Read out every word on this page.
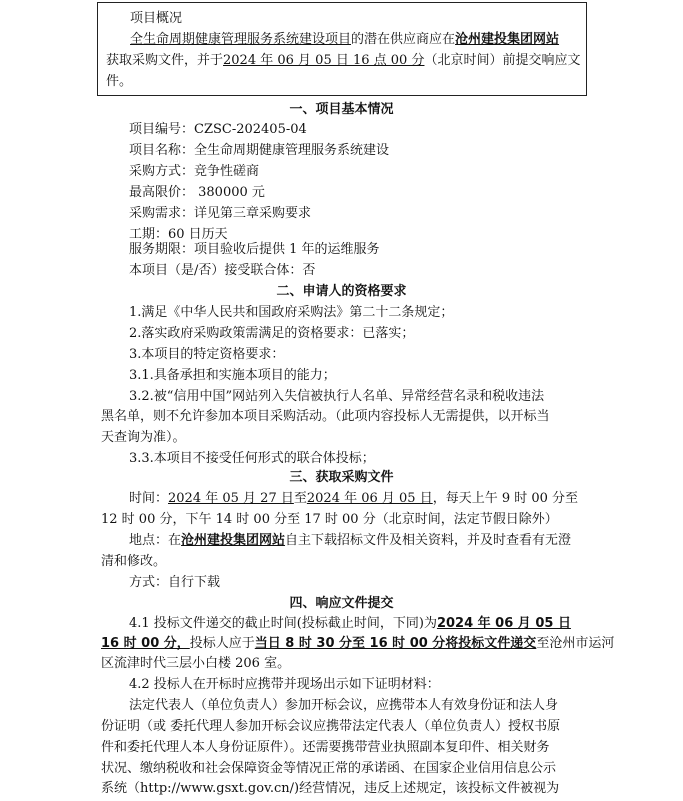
项目概况
全生命周期健康管理服务系统建设项目的潜在供应商应在沧州建投集团网站
获取采购文件，并于2024 年 06 月 05 日 16 点 00 分（北京时间）前提交响应文
件。
一、项目基本情况
项目编号：CZSC-202405-04
项目名称：全生命周期健康管理服务系统建设
采购方式：竞争性磋商
最高限价： 380000 元
采购需求：详见第三章采购要求
工期：60 日历天
服务期限：项目验收后提供 1 年的运维服务
本项目（是/否）接受联合体：否
二、申请人的资格要求
1.满足《中华人民共和国政府采购法》第二十二条规定；
2.落实政府采购政策需满足的资格要求：已落实；
3.本项目的特定资格要求：
3.1.具备承担和实施本项目的能力；
3.2.被“信用中国”网站列入失信被执行人名单、异常经营名录和税收违法
黑名单，则不允许参加本项目采购活动。（此项内容投标人无需提供，以开标当
天查询为准）。
3.3.本项目不接受任何形式的联合体投标；
三、获取采购文件
时间：2024 年 05 月 27 日至2024 年 06 月 05 日，每天上午 9 时 00 分至
12 时 00 分，下午 14 时 00 分至 17 时 00 分（北京时间，法定节假日除外）
地点：在沧州建投集团网站自主下载招标文件及相关资料，并及时查看有无澄
清和修改。
方式：自行下载
四、响应文件提交
4.1 投标文件递交的截止时间(投标截止时间，下同)为2024 年 06 月 05 日
16 时 00 分，投标人应于当日 8 时 30 分至 16 时 00 分将投标文件递交至沧州市运河
区流津时代三层小白楼 206 室。
4.2 投标人在开标时应携带并现场出示如下证明材料：
法定代表人（单位负责人）参加开标会议，应携带本人有效身份证和法人身
份证明（或 委托代理人参加开标会议应携带法定代表人（单位负责人）授权书原
件和委托代理人本人身份证原件）。还需要携带营业执照副本复印件、相关财务
状况、缴纳税收和社会保障资金等情况正常的承诺函、在国家企业信用信息公示
系统（http://www.gsxt.gov.cn/)经营情况，违反上述规定，该投标文件被视为
